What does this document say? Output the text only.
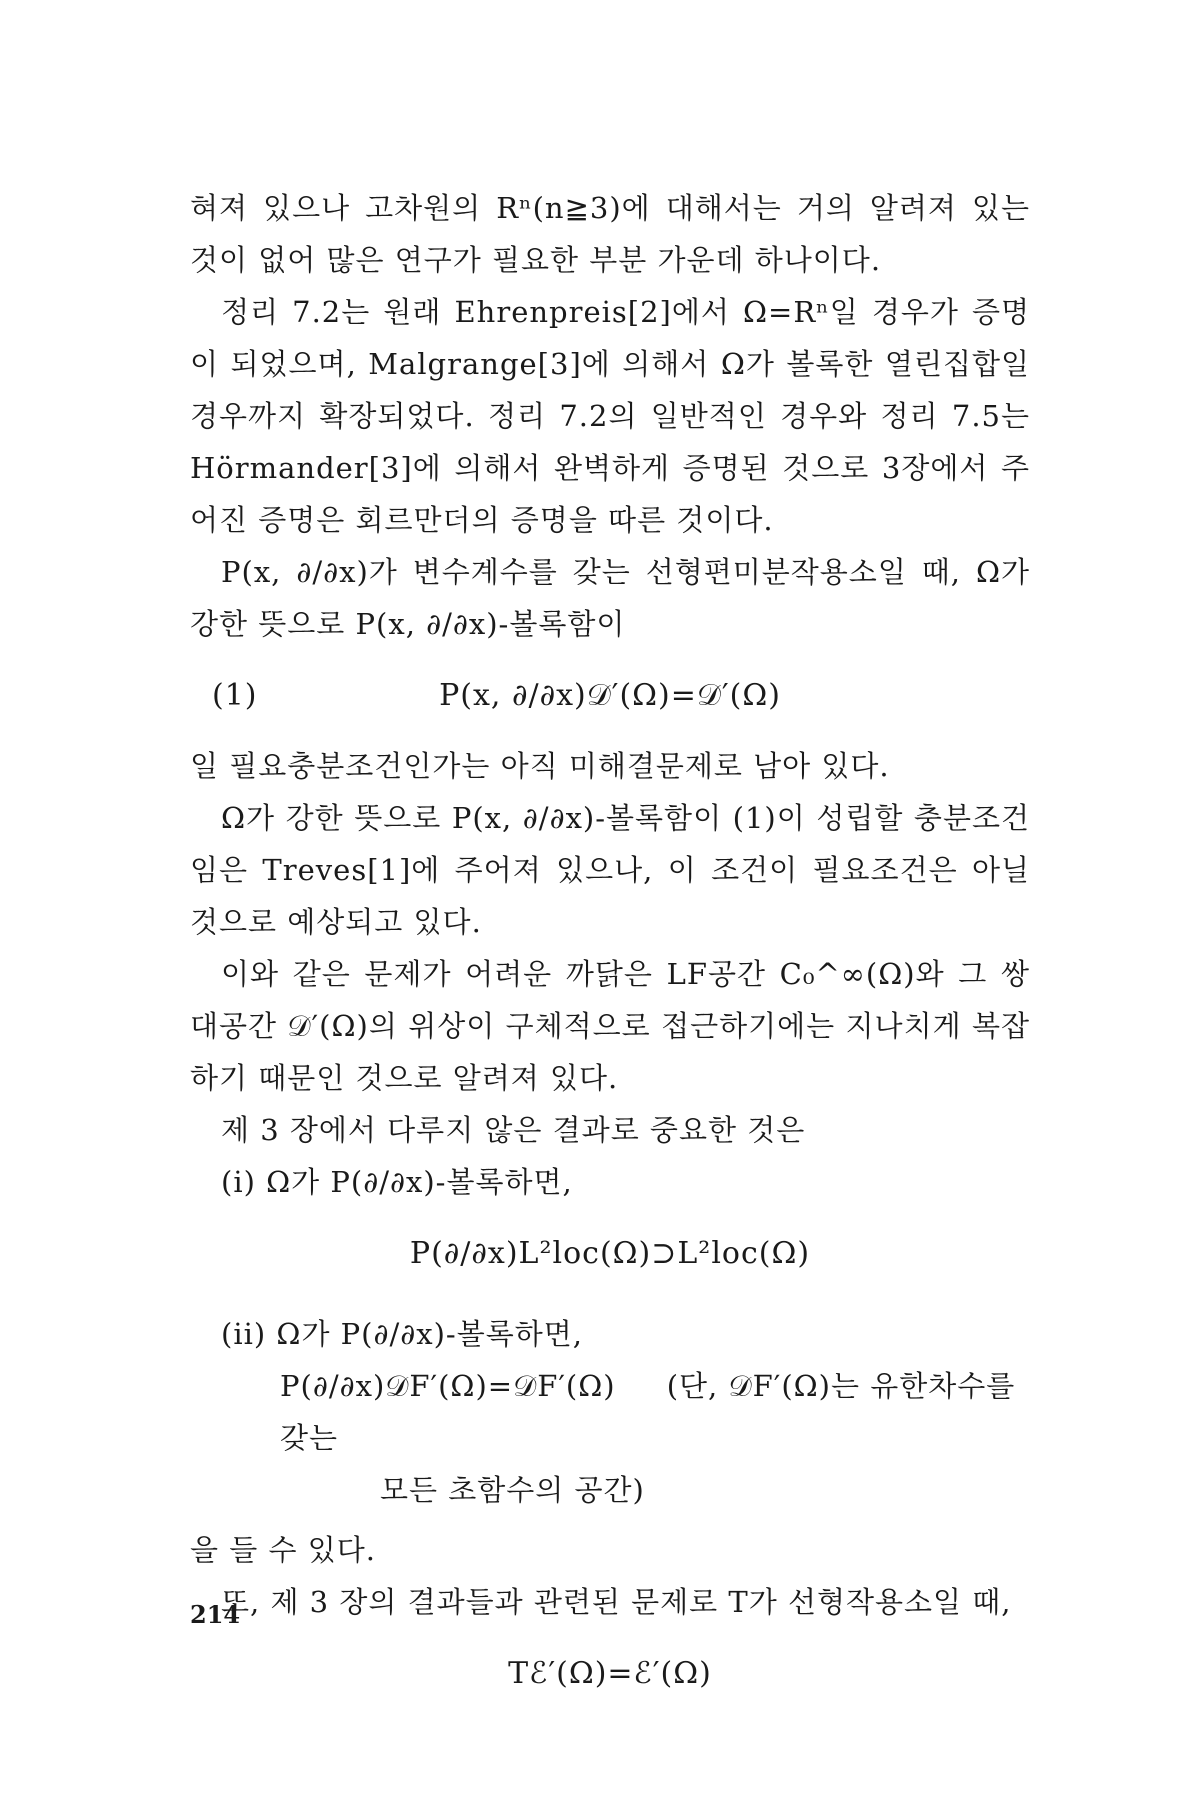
혀져 있으나 고차원의 Rⁿ(n≧3)에 대해서는 거의 알려져 있는 것이 없어 많은 연구가 필요한 부분 가운데 하나이다.

정리 7.2는 원래 Ehrenpreis[2]에서 Ω=Rⁿ일 경우가 증명이 되었으며, Malgrange[3]에 의해서 Ω가 볼록한 열린집합일 경우까지 확장되었다. 정리 7.2의 일반적인 경우와 정리 7.5는 Hörmander[3]에 의해서 완벽하게 증명된 것으로 3장에서 주어진 증명은 회르만더의 증명을 따른 것이다.

P(x, ∂/∂x)가 변수계수를 갖는 선형편미분작용소일 때, Ω가 강한 뜻으로 P(x, ∂/∂x)-볼록함이

(1)	P(x, ∂/∂x)𝒟′(Ω)=𝒟′(Ω)

일 필요충분조건인가는 아직 미해결문제로 남아 있다.

Ω가 강한 뜻으로 P(x, ∂/∂x)-볼록함이 (1)이 성립할 충분조건임은 Treves[1]에 주어져 있으나, 이 조건이 필요조건은 아닐 것으로 예상되고 있다.

이와 같은 문제가 어려운 까닭은 LF공간 C₀^∞(Ω)와 그 쌍대공간 𝒟′(Ω)의 위상이 구체적으로 접근하기에는 지나치게 복잡하기 때문인 것으로 알려져 있다.

제 3 장에서 다루지 않은 결과로 중요한 것은

(i) Ω가 P(∂/∂x)-볼록하면,

P(∂/∂x)L²loc(Ω)⊃L²loc(Ω)

(ii) Ω가 P(∂/∂x)-볼록하면,

P(∂/∂x)𝒟F′(Ω)=𝒟F′(Ω) (단, 𝒟F′(Ω)는 유한차수를 갖는
모든 초함수의 공간)

을 들 수 있다.

또, 제 3 장의 결과들과 관련된 문제로 T가 선형작용소일 때,

Tℰ′(Ω)=ℰ′(Ω)
214
